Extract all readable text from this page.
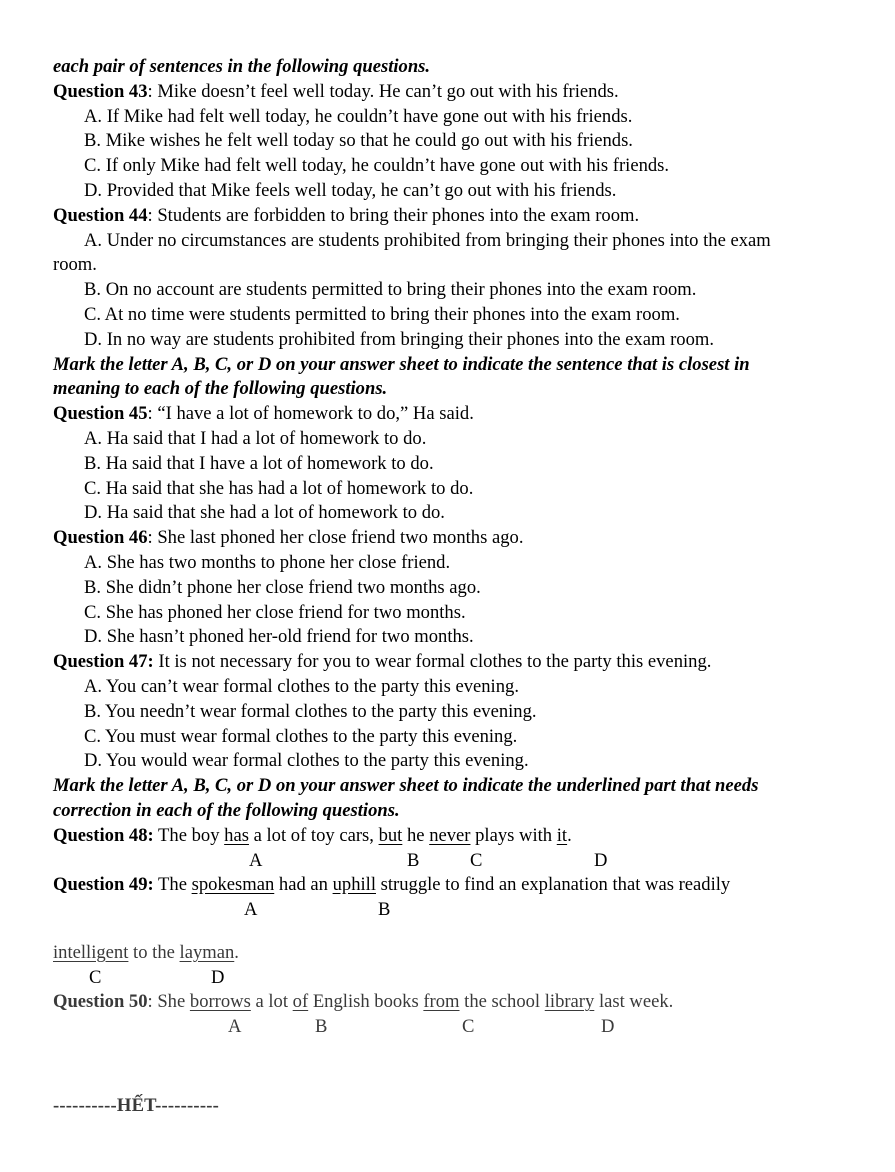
each pair of sentences in the following questions.
Question 43: Mike doesn’t feel well today. He can’t go out with his friends.
A. If Mike had felt well today, he couldn’t have gone out with his friends.
B. Mike wishes he felt well today so that he could go out with his friends.
C. If only Mike had felt well today, he couldn’t have gone out with his friends.
D. Provided that Mike feels well today, he can’t go out with his friends.
Question 44: Students are forbidden to bring their phones into the exam room.
A. Under no circumstances are students prohibited from bringing their phones into the exam
room.
B. On no account are students permitted to bring their phones into the exam room.
C. At no time were students permitted to bring their phones into the exam room.
D. In no way are students prohibited from bringing their phones into the exam room.
Mark the letter A, B, C, or D on your answer sheet to indicate the sentence that is closest in
meaning to each of the following questions.
Question 45: “I have a lot of homework to do,” Ha said.
A. Ha said that I had a lot of homework to do.
B. Ha said that I have a lot of homework to do.
C. Ha said that she has had a lot of homework to do.
D. Ha said that she had a lot of homework to do.
Question 46: She last phoned her close friend two months ago.
A. She has two months to phone her close friend.
B. She didn’t phone her close friend two months ago.
C. She has phoned her close friend for two months.
D. She hasn’t phoned her-old friend for two months.
Question 47: It is not necessary for you to wear formal clothes to the party this evening.
A. You can’t wear formal clothes to the party this evening.
B. You needn’t wear formal clothes to the party this evening.
C. You must wear formal clothes to the party this evening.
D. You would wear formal clothes to the party this evening.
Mark the letter A, B, C, or D on your answer sheet to indicate the underlined part that needs
correction in each of the following questions.
Question 48: The boy has a lot of toy cars, but he never plays with it.
A	B	C	D
Question 49: The spokesman had an uphill struggle to find an explanation that was readily
A	B
intelligent to the layman.
C	D
Question 50: She borrows a lot of English books from the school library last week.
A	B	C	D
----------HẾT----------
